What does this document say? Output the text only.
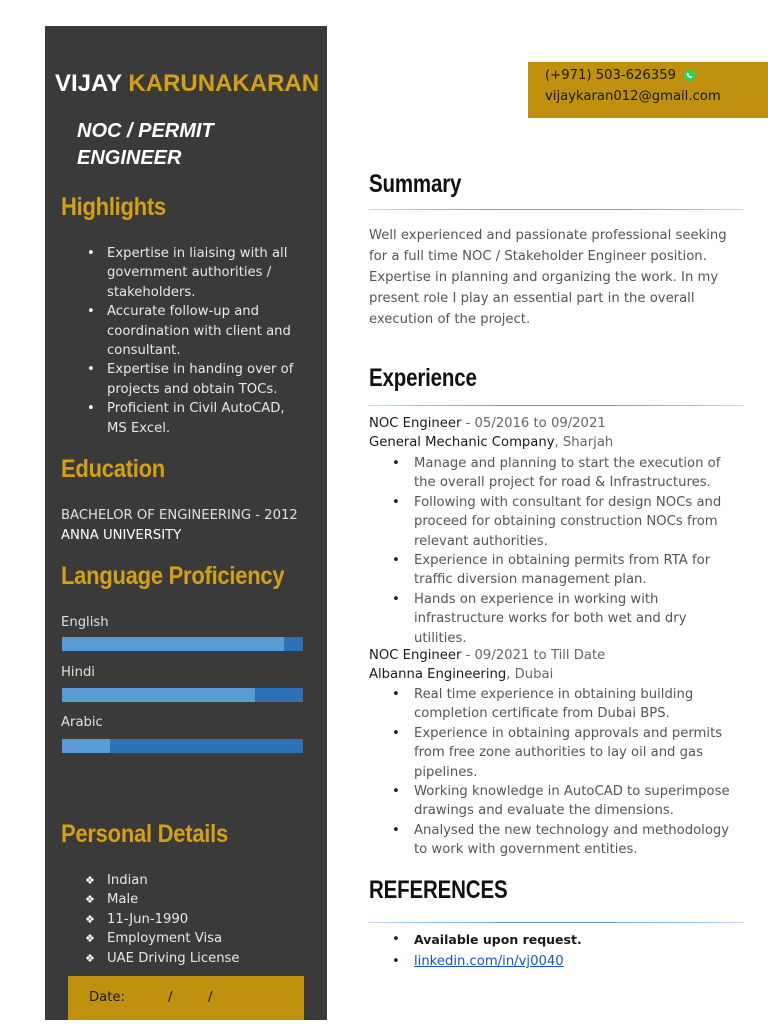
VIJAY KARUNAKARAN
NOC / PERMIT ENGINEER
Highlights
• Expertise in liaising with all government authorities / stakeholders.
• Accurate follow-up and coordination with client and consultant.
• Expertise in handing over of projects and obtain TOCs.
• Proficient in Civil AutoCAD, MS Excel.
Education
BACHELOR OF ENGINEERING - 2012
ANNA UNIVERSITY
Language Proficiency
English
Hindi
Arabic
Personal Details
❖ Indian
❖ Male
❖ 11-Jun-1990
❖ Employment Visa
❖ UAE Driving License
Date:	/	/
(+971) 503-626359
vijaykaran012@gmail.com
Summary

Well experienced and passionate professional seeking for a full time NOC / Stakeholder Engineer position. Expertise in planning and organizing the work. In my present role I play an essential part in the overall execution of the project.

Experience
NOC Engineer - 05/2016 to 09/2021
General Mechanic Company, Sharjah
• Manage and planning to start the execution of the overall project for road & Infrastructures.
• Following with consultant for design NOCs and proceed for obtaining construction NOCs from relevant authorities.
• Experience in obtaining permits from RTA for traffic diversion management plan.
• Hands on experience in working with infrastructure works for both wet and dry utilities.
NOC Engineer - 09/2021 to Till Date
Albanna Engineering, Dubai
• Real time experience in obtaining building completion certificate from Dubai BPS.
• Experience in obtaining approvals and permits from free zone authorities to lay oil and gas pipelines.
• Working knowledge in AutoCAD to superimpose drawings and evaluate the dimensions.
• Analysed the new technology and methodology to work with government entities.
REFERENCES
• Available upon request.
• linkedin.com/in/vj0040
